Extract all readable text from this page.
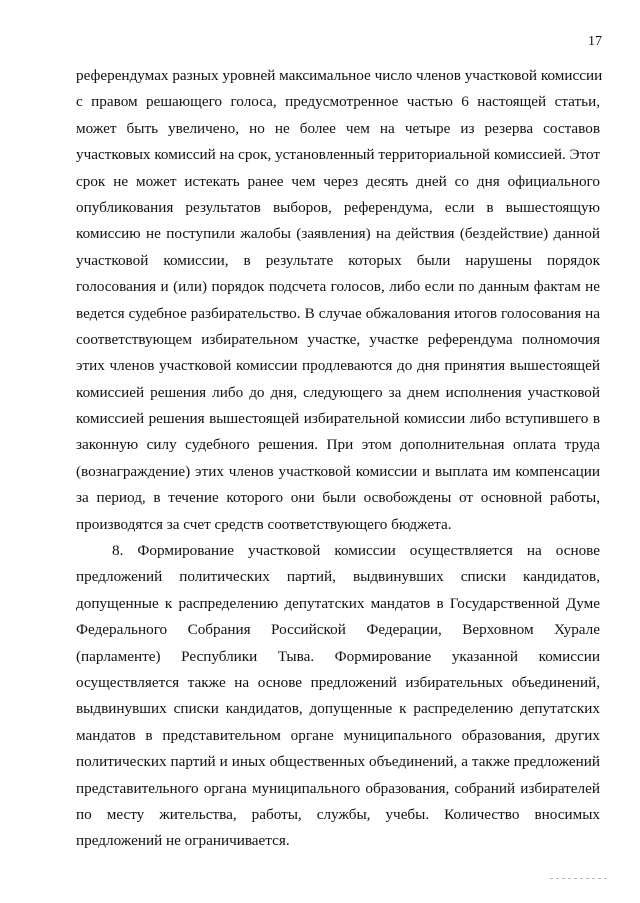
17
референдумах разных уровней максимальное число членов участковой комиссии
с правом решающего голоса, предусмотренное частью 6 настоящей статьи,
может быть увеличено, но не более чем на четыре из резерва составов
участковых комиссий на срок, установленный территориальной комиссией. Этот
срок не может истекать ранее чем через десять дней со дня официального
опубликования результатов выборов, референдума, если в вышестоящую
комиссию не поступили жалобы (заявления) на действия (бездействие) данной
участковой комиссии, в результате которых были нарушены порядок
голосования и (или) порядок подсчета голосов, либо если по данным фактам не
ведется судебное разбирательство. В случае обжалования итогов голосования на
соответствующем избирательном участке, участке референдума полномочия
этих членов участковой комиссии продлеваются до дня принятия вышестоящей
комиссией решения либо до дня, следующего за днем исполнения участковой
комиссией решения вышестоящей избирательной комиссии либо вступившего в
законную силу судебного решения. При этом дополнительная оплата труда
(вознаграждение) этих членов участковой комиссии и выплата им компенсации
за период, в течение которого они были освобождены от основной работы,
производятся за счет средств соответствующего бюджета.
8. Формирование участковой комиссии осуществляется на основе
предложений политических партий, выдвинувших списки кандидатов,
допущенные к распределению депутатских мандатов в Государственной Думе
Федерального Собрания Российской Федерации, Верховном Хурале
(парламенте) Республики Тыва. Формирование указанной комиссии
осуществляется также на основе предложений избирательных объединений,
выдвинувших списки кандидатов, допущенные к распределению депутатских
мандатов в представительном органе муниципального образования, других
политических партий и иных общественных объединений, а также предложений
представительного органа муниципального образования, собраний избирателей
по месту жительства, работы, службы, учебы. Количество вносимых
предложений не ограничивается.
